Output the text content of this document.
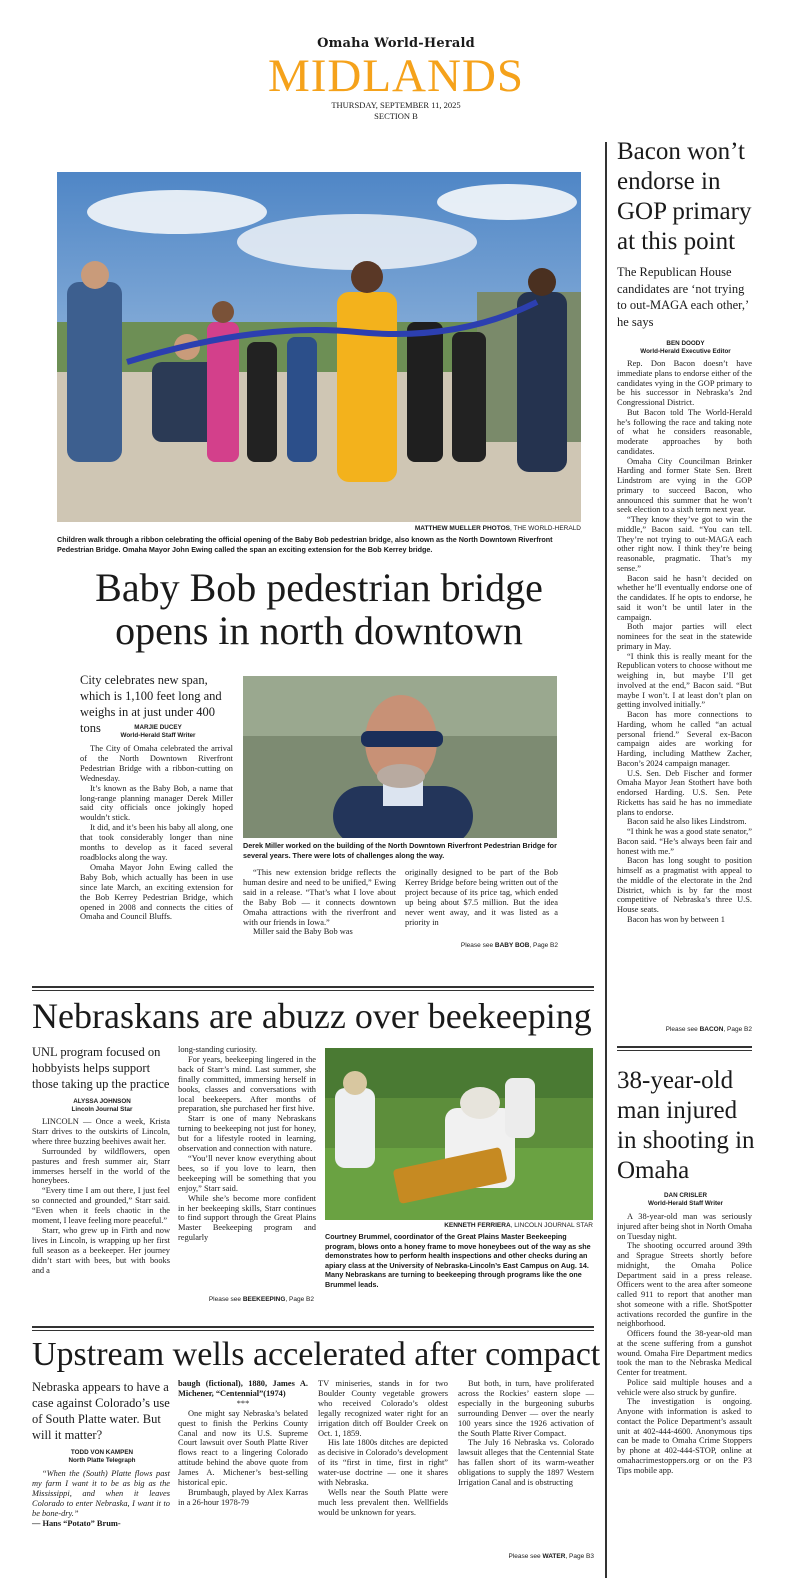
Omaha World-Herald
MIDLANDS
THURSDAY, SEPTEMBER 11, 2025
SECTION B
MATTHEW MUELLER PHOTOS, THE WORLD-HERALD
Children walk through a ribbon celebrating the official opening of the Baby Bob pedestrian bridge, also known as the North Downtown Riverfront Pedestrian Bridge. Omaha Mayor John Ewing called the span an exciting extension for the Bob Kerrey bridge.
Baby Bob pedestrian bridge opens in north downtown
City celebrates new span, which is 1,100 feet long and weighs in at just under 400 tons	MARJIE DUCEY
World-Herald Staff Writer

The City of Omaha celebrated the arrival of the North Downtown Riverfront Pedestrian Bridge with a ribbon-cutting on Wednesday.

It’s known as the Baby Bob, a name that long-range planning manager Derek Miller said city officials once jokingly hoped wouldn’t stick.

It did, and it’s been his baby all along, one that took considerably longer than nine months to develop as it faced several roadblocks along the way.

Omaha Mayor John Ewing called the Baby Bob, which actually has been in use since late March, an exciting extension for the Bob Kerrey Pedestrian Bridge, which opened in 2008 and connects the cities of Omaha and Council Bluffs.

Derek Miller worked on the building of the North Downtown Riverfront Pedestrian Bridge for several years. There were lots of challenges along the way.

“This new extension bridge reflects the human desire and need to be unified,” Ewing said in a release. “That’s what I love about the Baby Bob — it connects downtown Omaha attractions with the riverfront and with our friends in Iowa.”

Miller said the Baby Bob was

originally designed to be part of the Bob Kerrey Bridge before being written out of the project because of its price tag, which ended up being about $7.5 million. But the idea never went away, and it was listed as a priority in

Please see BABY BOB, Page B2
Bacon won’t endorse in GOP primary at this point
The Republican House candidates are ‘not trying to out-MAGA each other,’ he says
BEN DOODY
World-Herald Executive Editor

Rep. Don Bacon doesn’t have immediate plans to endorse either of the candidates vying in the GOP primary to be his successor in Nebraska’s 2nd Congressional District.

But Bacon told The World-Herald he’s following the race and taking note of what he considers reasonable, moderate approaches by both candidates.

Omaha City Councilman Brinker Harding and former State Sen. Brett Lindstrom are vying in the GOP primary to succeed Bacon, who announced this summer that he won’t seek election to a sixth term next year.

“They know they’ve got to win the middle,” Bacon said. “You can tell. They’re not trying to out-MAGA each other right now. I think they’re being reasonable, pragmatic. That’s my sense.”

Bacon said he hasn’t decided on whether he’ll eventually endorse one of the candidates. If he opts to endorse, he said it won’t be until later in the campaign.

Both major parties will elect nominees for the seat in the statewide primary in May.

“I think this is really meant for the Republican voters to choose without me weighing in, but maybe I’ll get involved at the end,” Bacon said. “But maybe I won’t. I at least don’t plan on getting involved initially.”

Bacon has more connections to Harding, whom he called “an actual personal friend.” Several ex-Bacon campaign aides are working for Harding, including Matthew Zacher, Bacon’s 2024 campaign manager.

U.S. Sen. Deb Fischer and former Omaha Mayor Jean Stothert have both endorsed Harding. U.S. Sen. Pete Ricketts has said he has no immediate plans to endorse.

Bacon said he also likes Lindstrom.

“I think he was a good state senator,” Bacon said. “He’s always been fair and honest with me.”

Bacon has long sought to position himself as a pragmatist with appeal to the middle of the electorate in the 2nd District, which is by far the most competitive of Nebraska’s three U.S. House seats.

Bacon has won by between 1

Please see BACON, Page B2
38-year-old man injured in shooting in Omaha
DAN CRISLER
World-Herald Staff Writer

A 38-year-old man was seriously injured after being shot in North Omaha on Tuesday night.

The shooting occurred around 39th and Sprague Streets shortly before midnight, the Omaha Police Department said in a press release. Officers went to the area after someone called 911 to report that another man shot someone with a rifle. ShotSpotter activations recorded the gunfire in the neighborhood.

Officers found the 38-year-old man at the scene suffering from a gunshot wound. Omaha Fire Department medics took the man to the Nebraska Medical Center for treatment.

Police said multiple houses and a vehicle were also struck by gunfire.

The investigation is ongoing. Anyone with information is asked to contact the Police Department’s assault unit at 402-444-4600. Anonymous tips can be made to Omaha Crime Stoppers by phone at 402-444-STOP, online at omahacrimestoppers.org or on the P3 Tips mobile app.

Nebraskans are abuzz over beekeeping
UNL program focused on hobbyists helps support those taking up the practice
ALYSSA JOHNSON
Lincoln Journal Star

LINCOLN — Once a week, Krista Starr drives to the outskirts of Lincoln, where three buzzing beehives await her.

Surrounded by wildflowers, open pastures and fresh summer air, Starr immerses herself in the world of the honeybees.

“Every time I am out there, I just feel so connected and grounded,” Starr said. “Even when it feels chaotic in the moment, I leave feeling more peaceful.”

Starr, who grew up in Firth and now lives in Lincoln, is wrapping up her first full season as a beekeeper. Her journey didn’t start with bees, but with books and a

long-standing curiosity.

For years, beekeeping lingered in the back of Starr’s mind. Last summer, she finally committed, immersing herself in books, classes and conversations with local beekeepers. After months of preparation, she purchased her first hive.

Starr is one of many Nebraskans turning to beekeeping not just for honey, but for a lifestyle rooted in learning, observation and connection with nature.

“You’ll never know everything about bees, so if you love to learn, then beekeeping will be something that you enjoy,” Starr said.

While she’s become more confident in her beekeeping skills, Starr continues to find support through the Great Plains Master Beekeeping program and regularly

Please see BEEKEEPING, Page B2
KENNETH FERRIERA, LINCOLN JOURNAL STAR
Courtney Brummel, coordinator of the Great Plains Master Beekeeping program, blows onto a honey frame to move honeybees out of the way as she demonstrates how to perform health inspections and other checks during an apiary class at the University of Nebraska-Lincoln’s East Campus on Aug. 14. Many Nebraskans are turning to beekeeping through programs like the one Brummel leads.
Upstream wells accelerated after compact
Nebraska appears to have a case against Colorado’s use of South Platte water. But will it matter?
TODD VON KAMPEN
North Platte Telegraph

“When the (South) Platte flows past my farm I want it to be as big as the Mississippi, and when it leaves Colorado to enter Nebraska, I want it to be bone-dry.”

— Hans “Potato” Brum-

baugh (fictional), 1880, James A. Michener, “Centennial”(1974)

***

One might say Nebraska’s belated quest to finish the Perkins County Canal and now its U.S. Supreme Court lawsuit over South Platte River flows react to a lingering Colorado attitude behind the above quote from James A. Michener’s best-selling historical epic.

Brumbaugh, played by Alex Karras in a 26-hour 1978-79

TV miniseries, stands in for two Boulder County vegetable growers who received Colorado’s oldest legally recognized water right for an irrigation ditch off Boulder Creek on Oct. 1, 1859.

His late 1800s ditches are depicted as decisive in Colorado’s development of its “first in time, first in right” water-use doctrine — one it shares with Nebraska.

Wells near the South Platte were much less prevalent then. Wellfields would be unknown for years.

But both, in turn, have proliferated across the Rockies’ eastern slope — especially in the burgeoning suburbs surrounding Denver — over the nearly 100 years since the 1926 activation of the South Platte River Compact.

The July 16 Nebraska vs. Colorado lawsuit alleges that the Centennial State has fallen short of its warm-weather obligations to supply the 1897 Western Irrigation Canal and is obstructing

Please see WATER, Page B3
